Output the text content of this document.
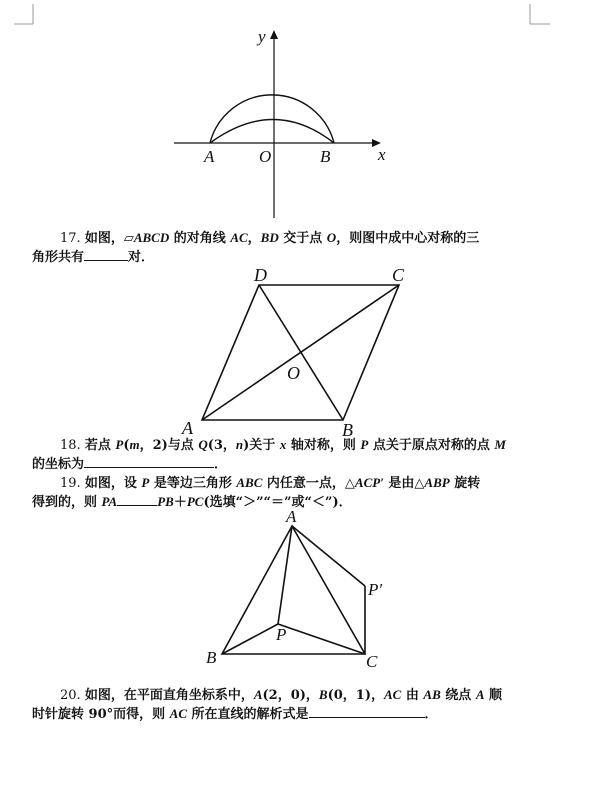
y
x
A	O	B
17. 如图，▱ABCD 的对角线 AC，BD 交于点 O，则图中成中心对称的三
角形共有	对．
D	C
O
A	B
18. 若点 P(m，2)与点 Q(3，n)关于 x 轴对称，则 P 点关于原点对称的点 M
的坐标为	．
19. 如图，设 P 是等边三角形 ABC 内任意一点，△ACP′ 是由△ABP 旋转
得到的，则 PA	PB＋PC(选填“＞”“＝”或“＜”)．
A
P′
P
B	C
20. 如图，在平面直角坐标系中，A(2，0)，B(0，1)，AC 由 AB 绕点 A 顺
时针旋转 90°而得，则 AC 所在直线的解析式是	．
